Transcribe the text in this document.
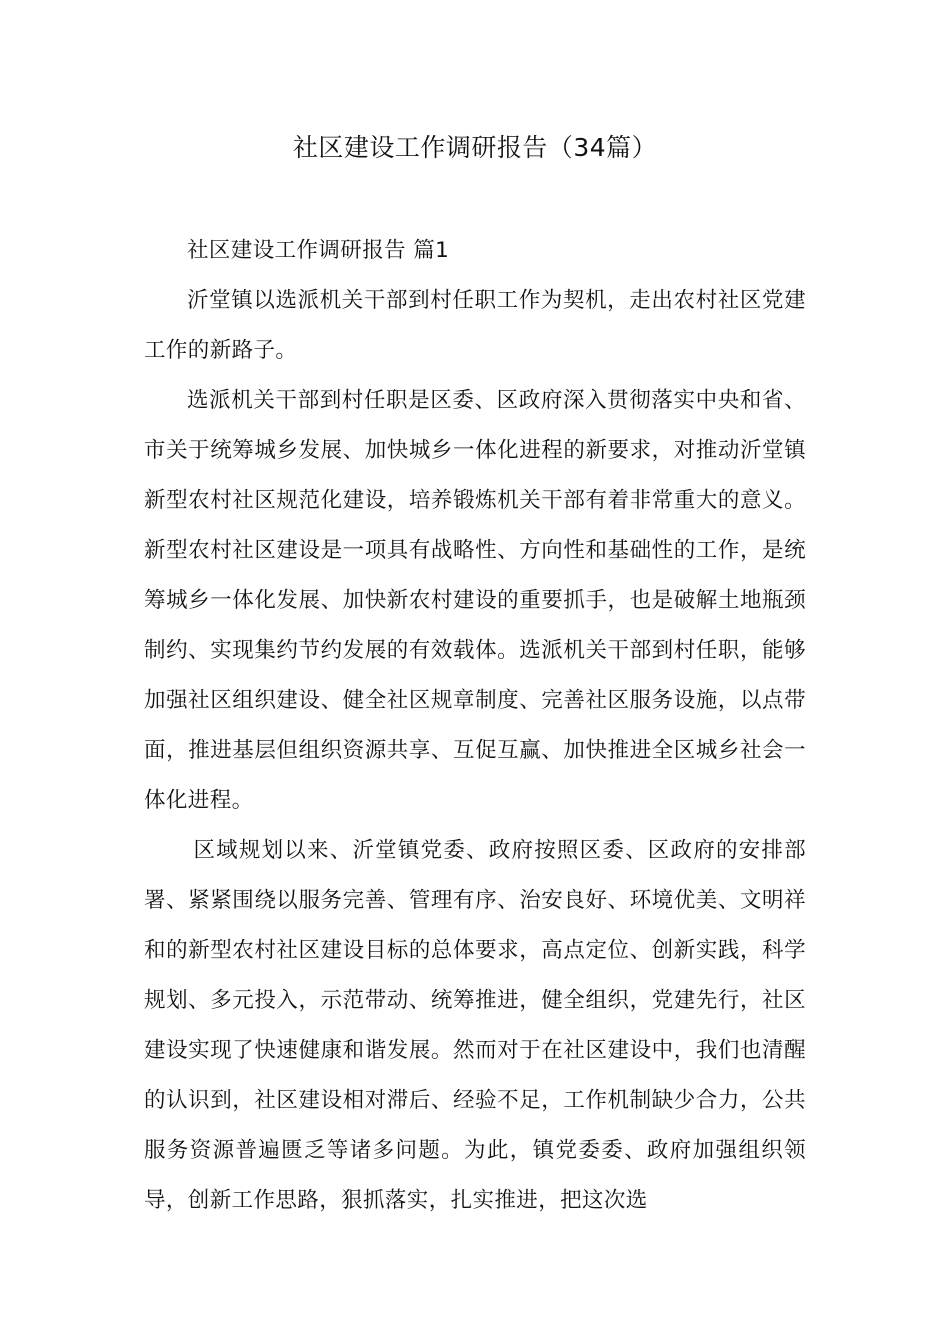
社区建设工作调研报告（34篇）

社区建设工作调研报告 篇1

沂堂镇以选派机关干部到村任职工作为契机，走出农村社区党建工作的新路子。

选派机关干部到村任职是区委、区政府深入贯彻落实中央和省、市关于统筹城乡发展、加快城乡一体化进程的新要求，对推动沂堂镇新型农村社区规范化建设，培养锻炼机关干部有着非常重大的意义。新型农村社区建设是一项具有战略性、方向性和基础性的工作，是统筹城乡一体化发展、加快新农村建设的重要抓手，也是破解土地瓶颈制约、实现集约节约发展的有效载体。选派机关干部到村任职，能够加强社区组织建设、健全社区规章制度、完善社区服务设施，以点带面，推进基层但组织资源共享、互促互赢、加快推进全区城乡社会一体化进程。

区域规划以来、沂堂镇党委、政府按照区委、区政府的安排部署、紧紧围绕以服务完善、管理有序、治安良好、环境优美、文明祥和的新型农村社区建设目标的总体要求，高点定位、创新实践，科学规划、多元投入，示范带动、统筹推进，健全组织，党建先行，社区建设实现了快速健康和谐发展。然而对于在社区建设中，我们也清醒的认识到，社区建设相对滞后、经验不足，工作机制缺少合力，公共服务资源普遍匮乏等诸多问题。为此，镇党委委、政府加强组织领导，创新工作思路，狠抓落实，扎实推进，把这次选
